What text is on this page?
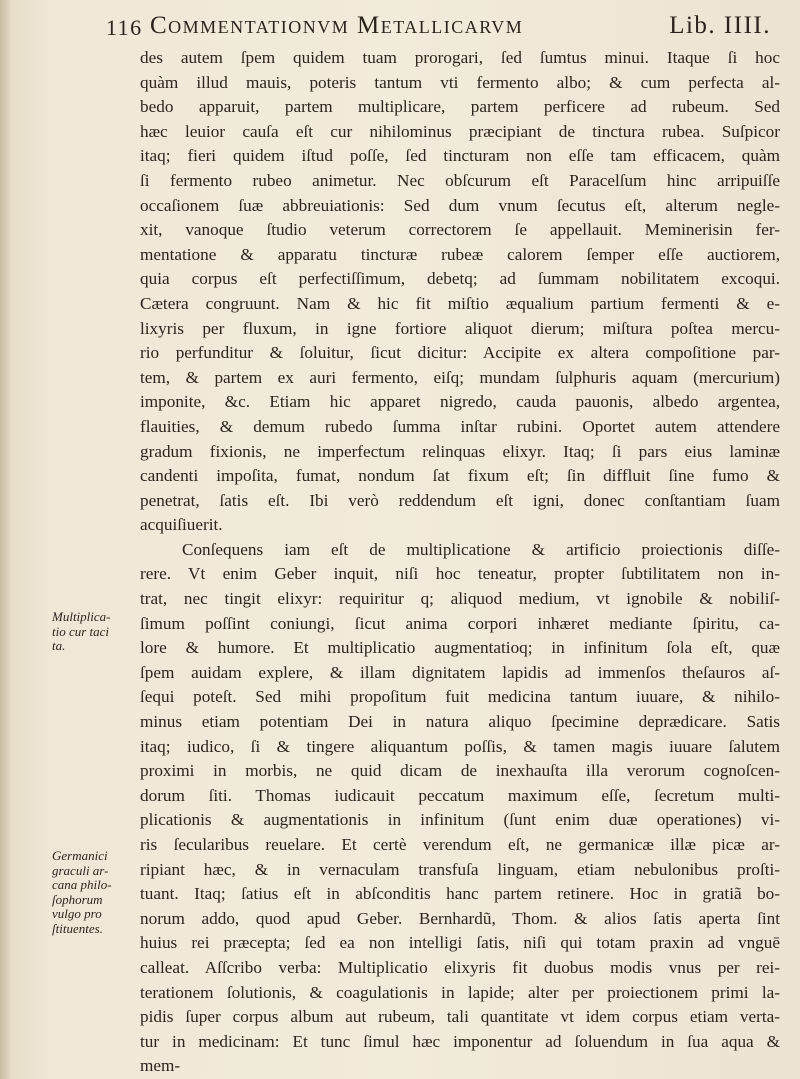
116 Commentationvm Metallicarvm	Lib. IIII.
Multiplica-
tio cur taci
ta.
Germanici
graculi ar-
cana philo-
ſophorum
vulgo pro
ſtituentes.
des autem ſpem quidem tuam prorogari, ſed ſumtus minui. Itaque ſi hoc
quàm illud mauis, poteris tantum vti fermento albo; & cum perfecta al-
bedo apparuit, partem multiplicare, partem perficere ad rubeum. Sed
hæc leuior cauſa eſt cur nihilominus præcipiant de tinctura rubea. Suſpicor
itaq; fieri quidem iſtud poſſe, ſed tincturam non eſſe tam efficacem, quàm
ſi fermento rubeo animetur. Nec obſcurum eſt Paracelſum hinc arripuiſſe
occaſionem ſuæ abbreuiationis: Sed dum vnum ſecutus eſt, alterum negle-
xit, vanoque ſtudio veterum correctorem ſe appellauit. Meminerisin fer-
mentatione & apparatu tincturæ rubeæ calorem ſemper eſſe auctiorem,
quia corpus eſt perfectiſſimum, debetq; ad ſummam nobilitatem excoqui.
Cætera congruunt. Nam & hic fit miſtio æqualium partium fermenti & e-
lixyris per fluxum, in igne fortiore aliquot dierum; miſtura poſtea mercu-
rio perfunditur & ſoluitur, ſicut dicitur: Accipite ex altera compoſitione par-
tem, & partem ex auri fermento, eiſq; mundam ſulphuris aquam (mercurium)
imponite, &c. Etiam hic apparet nigredo, cauda pauonis, albedo argentea,
flauities, & demum rubedo ſumma inſtar rubini. Oportet autem attendere
gradum fixionis, ne imperfectum relinquas elixyr. Itaq; ſi pars eius laminæ
candenti impoſita, fumat, nondum ſat fixum eſt; ſin diffluit ſine fumo &
penetrat, ſatis eſt. Ibi verò reddendum eſt igni, donec conſtantiam ſuam
acquiſiuerit.
Conſequens iam eſt de multiplicatione & artificio proiectionis diſſe-
rere. Vt enim Geber inquit, niſi hoc teneatur, propter ſubtilitatem non in-
trat, nec tingit elixyr: requiritur q; aliquod medium, vt ignobile & nobiliſ-
ſimum poſſint coniungi, ſicut anima corpori inhæret mediante ſpiritu, ca-
lore & humore. Et multiplicatio augmentatioq; in infinitum ſola eſt, quæ
ſpem auidam explere, & illam dignitatem lapidis ad immenſos theſauros aſ-
ſequi poteſt. Sed mihi propoſitum fuit medicina tantum iuuare, & nihilo-
minus etiam potentiam Dei in natura aliquo ſpecimine deprædicare. Satis
itaq; iudico, ſi & tingere aliquantum poſſis, & tamen magis iuuare ſalutem
proximi in morbis, ne quid dicam de inexhauſta illa verorum cognoſcen-
dorum ſiti. Thomas iudicauit peccatum maximum eſſe, ſecretum multi-
plicationis & augmentationis in infinitum (ſunt enim duæ operationes) vi-
ris ſecularibus reuelare. Et certè verendum eſt, ne germanicæ illæ picæ ar-
ripiant hæc, & in vernaculam transfuſa linguam, etiam nebulonibus proſti-
tuant. Itaq; ſatius eſt in abſconditis hanc partem retinere. Hoc in gratiã bo-
norum addo, quod apud Geber. Bernhardũ, Thom. & alios ſatis aperta ſint
huius rei præcepta; ſed ea non intelligi ſatis, niſi qui totam praxin ad vnguē
calleat. Aſſcribo verba: Multiplicatio elixyris fit duobus modis vnus per rei-
terationem ſolutionis, & coagulationis in lapide; alter per proiectionem primi la-
pidis ſuper corpus album aut rubeum, tali quantitate vt idem corpus etiam verta-
tur in medicinam: Et tunc ſimul hæc imponentur ad ſoluendum in ſua aqua &
mem-
